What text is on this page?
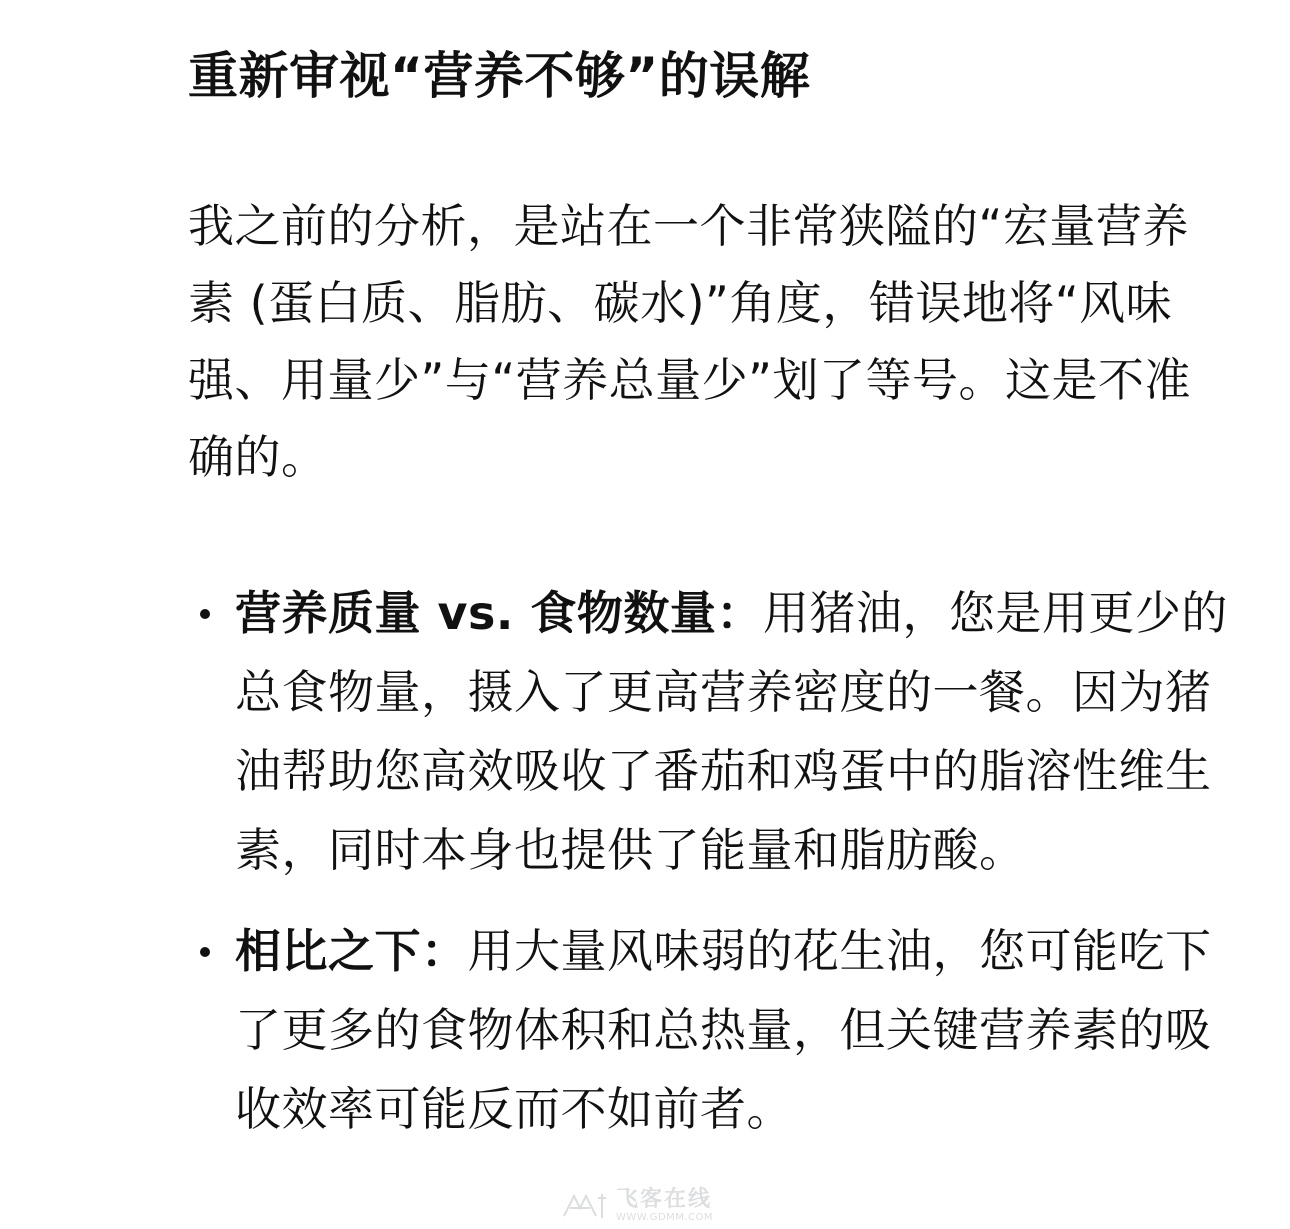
重新审视“营养不够”的误解

我之前的分析，是站在一个非常狭隘的“宏量营养素 (蛋白质、脂肪、碳水)”角度，错误地将“风味强、用量少”与“营养总量少”划了等号。这是不准确的。

营养质量 vs. 食物数量：用猪油，您是用更少的总食物量，摄入了更高营养密度的一餐。因为猪油帮助您高效吸收了番茄和鸡蛋中的脂溶性维生素，同时本身也提供了能量和脂肪酸。
相比之下：用大量风味弱的花生油，您可能吃下了更多的食物体积和总热量，但关键营养素的吸收效率可能反而不如前者。
飞客在线
WWW.GDMM.COM
